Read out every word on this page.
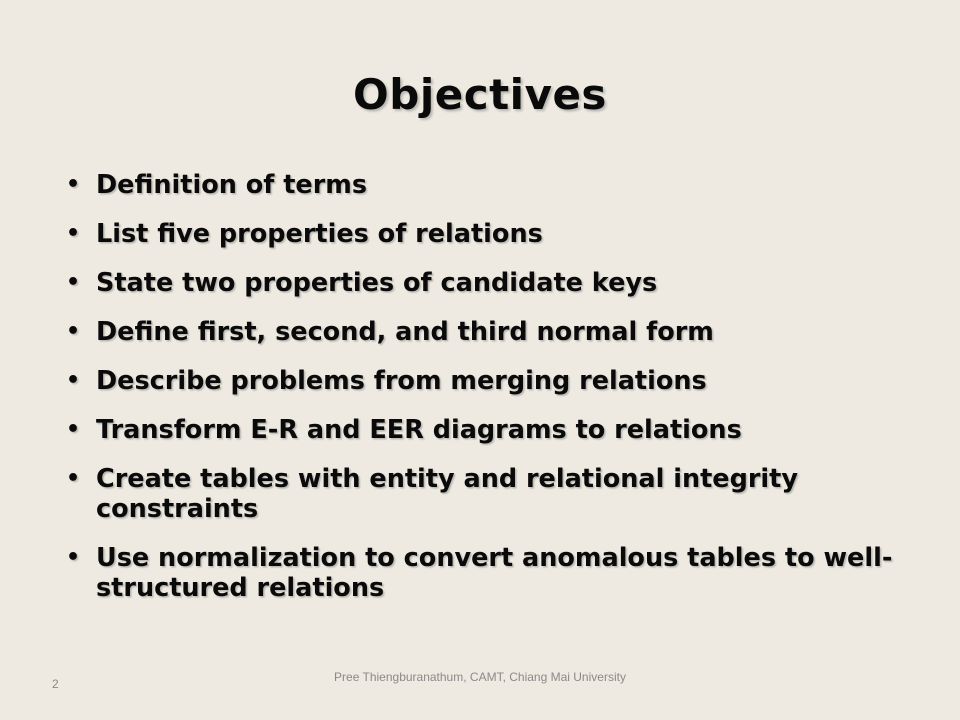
Objectives
• Definition of terms
• List five properties of relations
• State two properties of candidate keys
• Define first, second, and third normal form
• Describe problems from merging relations
• Transform E-R and EER diagrams to relations
• Create tables with entity and relational integrity constraints
• Use normalization to convert anomalous tables to well-structured relations
2	Pree Thiengburanathum, CAMT, Chiang Mai University
